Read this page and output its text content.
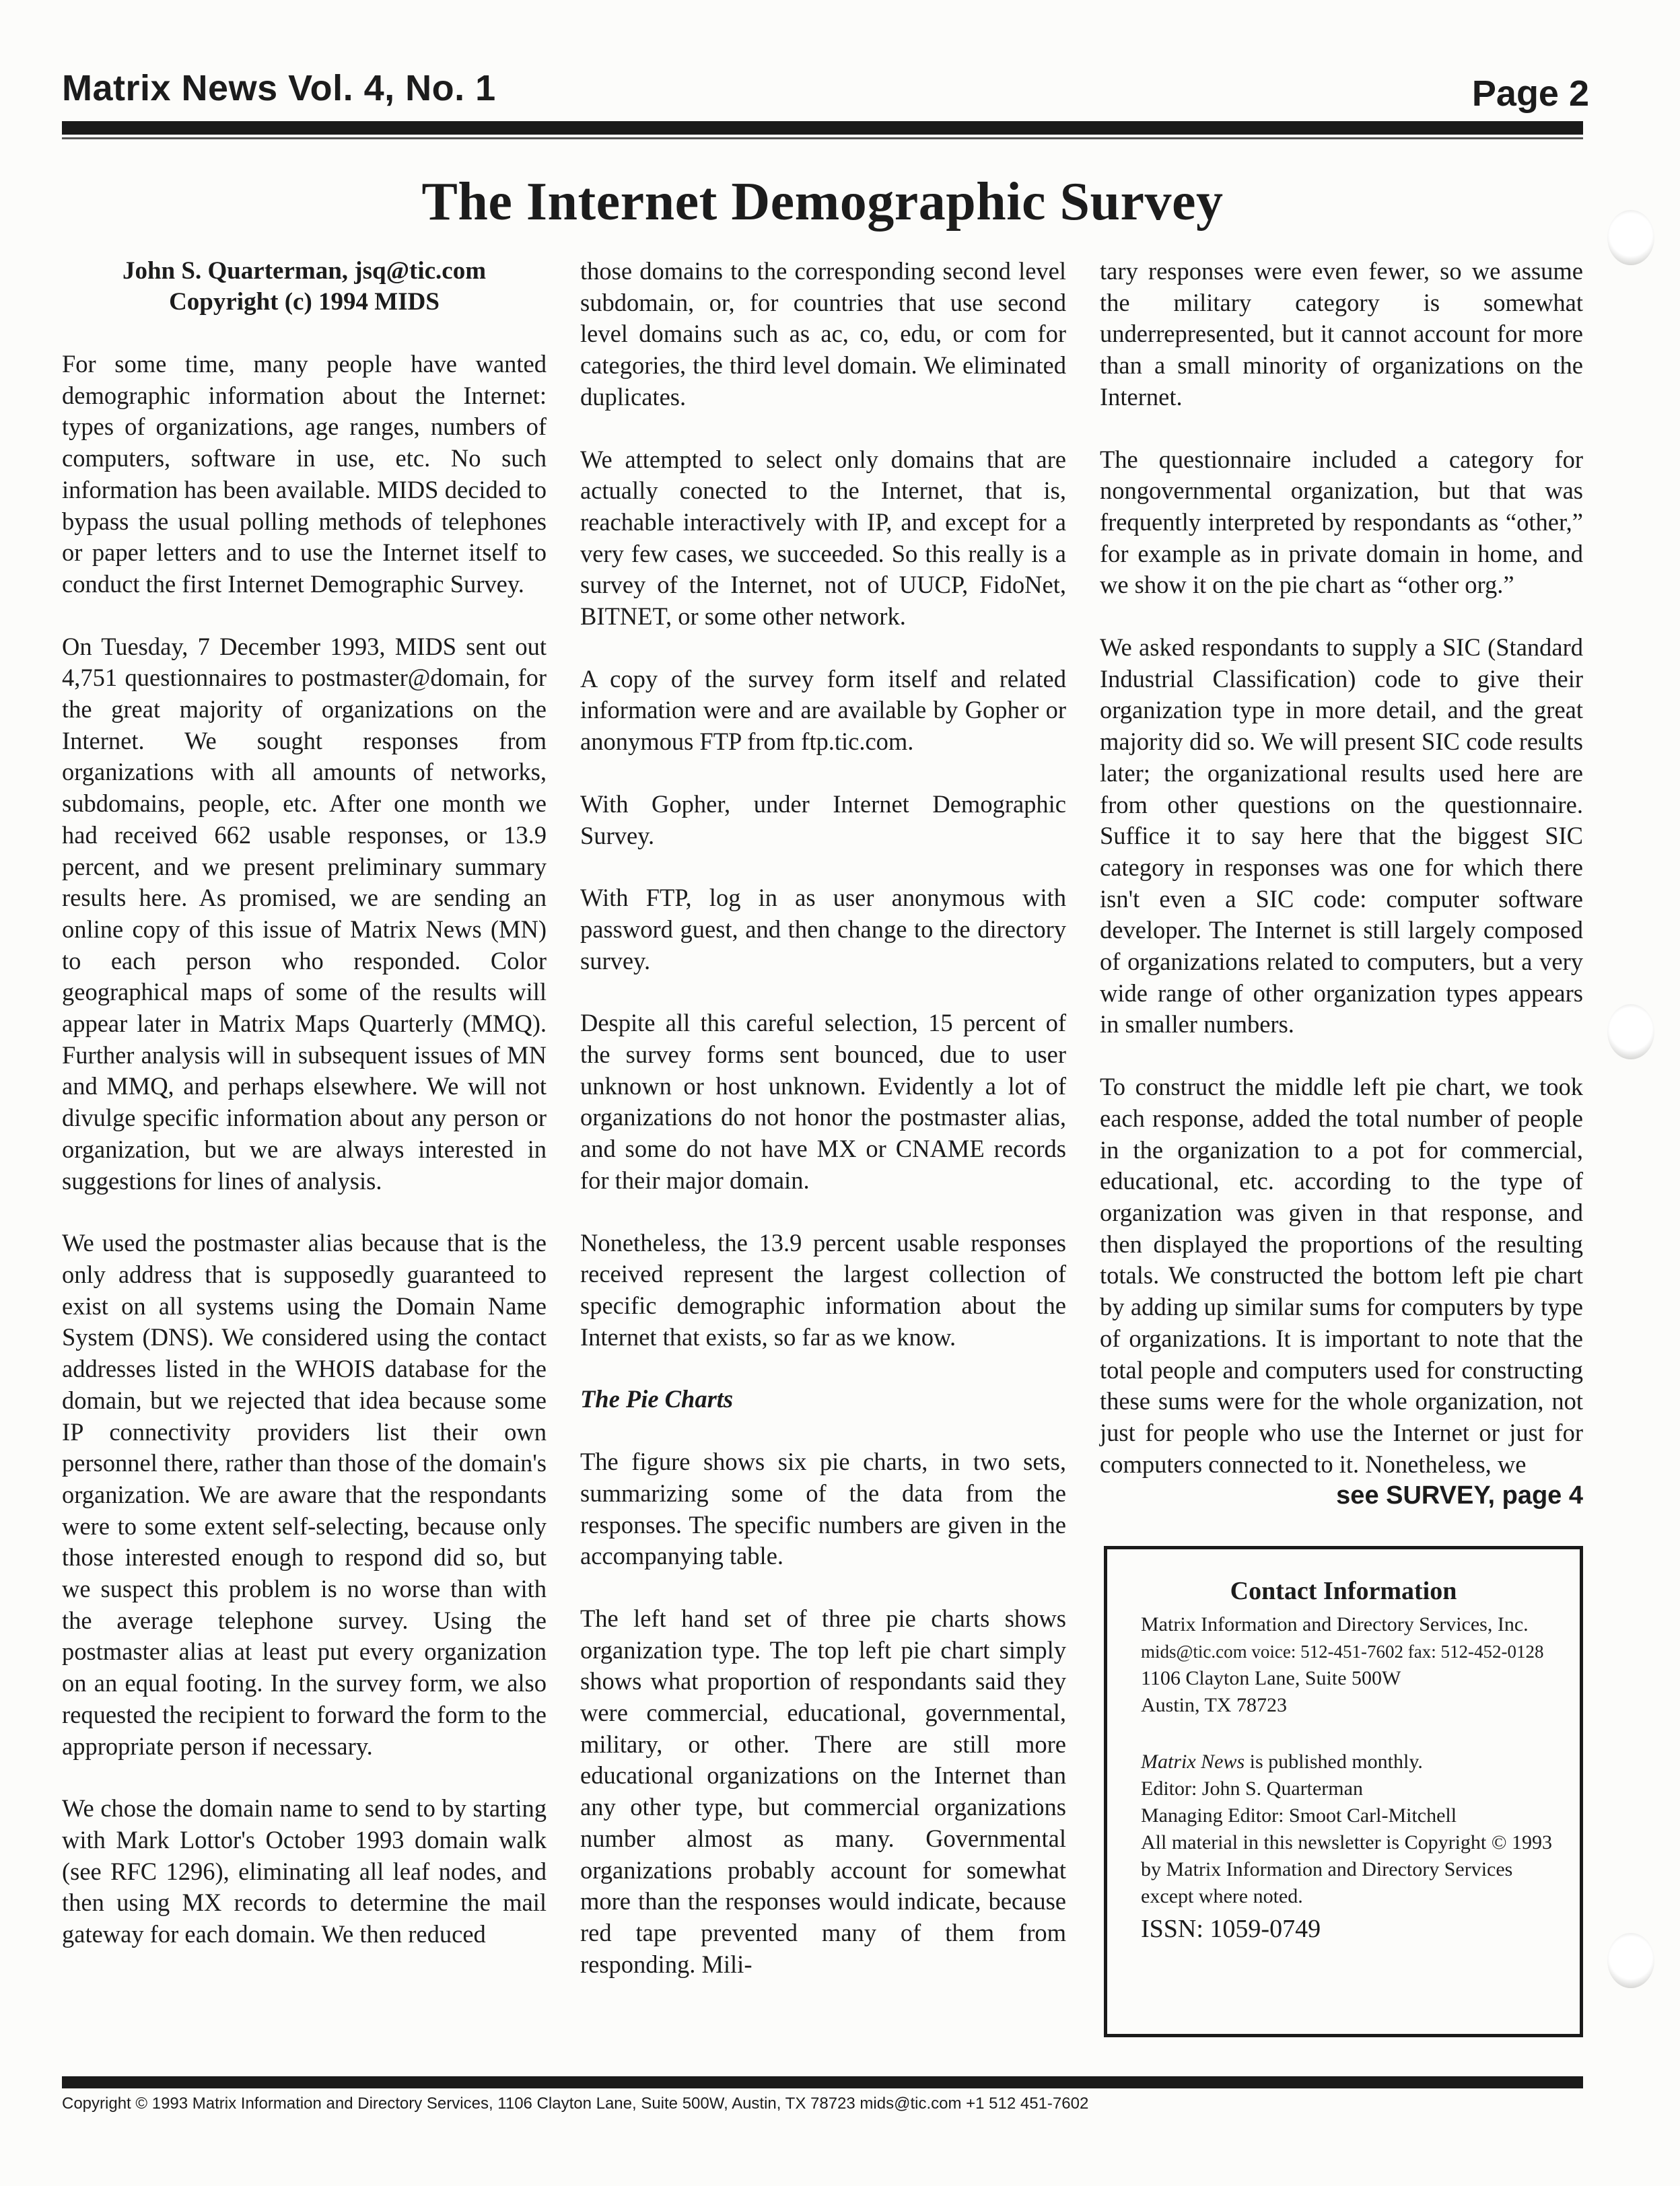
Matrix News Vol. 4, No. 1	Page 2
The Internet Demographic Survey
John S. Quarterman, jsq@tic.com
Copyright (c) 1994 MIDS

For some time, many people have wanted demographic information about the Internet: types of organizations, age ranges, numbers of computers, software in use, etc. No such information has been available. MIDS decided to bypass the usual polling methods of telephones or paper letters and to use the Internet itself to conduct the first Internet Demographic Survey.

On Tuesday, 7 December 1993, MIDS sent out 4,751 questionnaires to postmaster@domain, for the great majority of organizations on the Internet. We sought responses from organizations with all amounts of networks, subdomains, people, etc. After one month we had received 662 usable responses, or 13.9 percent, and we present preliminary summary results here. As promised, we are sending an online copy of this issue of Matrix News (MN) to each person who responded. Color geographical maps of some of the results will appear later in Matrix Maps Quarterly (MMQ). Further analysis will in subsequent issues of MN and MMQ, and perhaps elsewhere. We will not divulge specific information about any person or organization, but we are always interested in suggestions for lines of analysis.

We used the postmaster alias because that is the only address that is supposedly guaranteed to exist on all systems using the Domain Name System (DNS). We considered using the contact addresses listed in the WHOIS database for the domain, but we rejected that idea because some IP connectivity providers list their own personnel there, rather than those of the domain's organization. We are aware that the respondants were to some extent self-selecting, because only those interested enough to respond did so, but we suspect this problem is no worse than with the average telephone survey. Using the postmaster alias at least put every organization on an equal footing. In the survey form, we also requested the recipient to forward the form to the appropriate person if necessary.

We chose the domain name to send to by starting with Mark Lottor's October 1993 domain walk (see RFC 1296), eliminating all leaf nodes, and then using MX records to determine the mail gateway for each domain. We then reduced

those domains to the corresponding second level subdomain, or, for countries that use second level domains such as ac, co, edu, or com for categories, the third level domain. We eliminated duplicates.

We attempted to select only domains that are actually conected to the Internet, that is, reachable interactively with IP, and except for a very few cases, we succeeded. So this really is a survey of the Internet, not of UUCP, FidoNet, BITNET, or some other network.

A copy of the survey form itself and related information were and are available by Gopher or anonymous FTP from ftp.tic.com.

With Gopher, under Internet Demographic Survey.

With FTP, log in as user anonymous with password guest, and then change to the directory survey.

Despite all this careful selection, 15 percent of the survey forms sent bounced, due to user unknown or host unknown. Evidently a lot of organizations do not honor the postmaster alias, and some do not have MX or CNAME records for their major domain.

Nonetheless, the 13.9 percent usable responses received represent the largest collection of specific demographic information about the Internet that exists, so far as we know.

The Pie Charts

The figure shows six pie charts, in two sets, summarizing some of the data from the responses. The specific numbers are given in the accompanying table.

The left hand set of three pie charts shows organization type. The top left pie chart simply shows what proportion of respondants said they were commercial, educational, governmental, military, or other. There are still more educational organizations on the Internet than any other type, but commercial organizations number almost as many. Governmental organizations probably account for somewhat more than the responses would indicate, because red tape prevented many of them from responding. Mili-

tary responses were even fewer, so we assume the military category is somewhat underrepresented, but it cannot account for more than a small minority of organizations on the Internet.

The questionnaire included a category for nongovernmental organization, but that was frequently interpreted by respondants as “other,” for example as in private domain in home, and we show it on the pie chart as “other org.”

We asked respondants to supply a SIC (Standard Industrial Classification) code to give their organization type in more detail, and the great majority did so. We will present SIC code results later; the organizational results used here are from other questions on the questionnaire. Suffice it to say here that the biggest SIC category in responses was one for which there isn't even a SIC code: computer software developer. The Internet is still largely composed of organizations related to computers, but a very wide range of other organization types appears in smaller numbers.

To construct the middle left pie chart, we took each response, added the total number of people in the organization to a pot for commercial, educational, etc. according to the type of organization was given in that response, and then displayed the proportions of the resulting totals. We constructed the bottom left pie chart by adding up similar sums for computers by type of organizations. It is important to note that the total people and computers used for constructing these sums were for the whole organization, not just for people who use the Internet or just for computers connected to it. Nonetheless, we

see SURVEY, page 4

Contact Information

Matrix Information and Directory Services, Inc.

mids@tic.com voice: 512-451-7602 fax: 512-452-0128

1106 Clayton Lane, Suite 500W

Austin, TX 78723

Matrix News is published monthly.

Editor: John S. Quarterman

Managing Editor: Smoot Carl-Mitchell

All material in this newsletter is Copyright © 1993

by Matrix Information and Directory Services

except where noted.

ISSN: 1059-0749

Copyright © 1993 Matrix Information and Directory Services, 1106 Clayton Lane, Suite 500W, Austin, TX 78723 mids@tic.com +1 512 451-7602
